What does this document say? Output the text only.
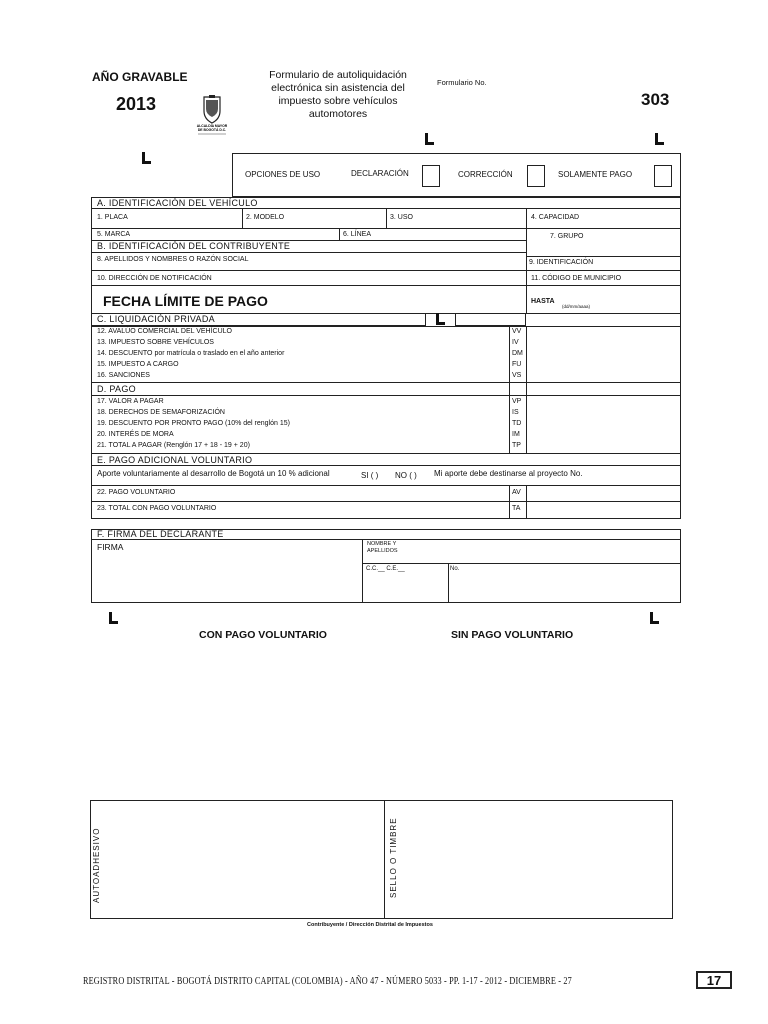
AÑO GRAVABLE
2013
ALCALDÍA MAYOR
DE BOGOTÁ D.C.
Formulario de autoliquidación
electrónica sin asistencia del
impuesto sobre vehículos
automotores
Formulario No.
303
OPCIONES DE USO	DECLARACIÓN	CORRECCIÓN	SOLAMENTE PAGO
A. IDENTIFICACIÓN DEL VEHÍCULO
1. PLACA	2. MODELO	3. USO	4. CAPACIDAD
5. MARCA	6. LÍNEA	7. GRUPO
B. IDENTIFICACIÓN DEL CONTRIBUYENTE
8. APELLIDOS Y NOMBRES O RAZÓN SOCIAL	9. IDENTIFICACIÓN
10. DIRECCIÓN DE NOTIFICACIÓN	11. CÓDIGO DE MUNICIPIO
FECHA LÍMITE DE PAGO	HASTA
(dd/mm/aaaa)
C. LIQUIDACIÓN PRIVADA
12. AVALÚO COMERCIAL DEL VEHÍCULO	VV
13. IMPUESTO SOBRE VEHÍCULOS	IV
14. DESCUENTO por matrícula o traslado en el año anterior	DM
15. IMPUESTO A CARGO	FU
16. SANCIONES	VS
D. PAGO
17. VALOR A PAGAR	VP
18. DERECHOS DE SEMAFORIZACIÓN	IS
19. DESCUENTO POR PRONTO PAGO (10% del renglón 15)	TD
20. INTERÉS DE MORA	IM
21. TOTAL A PAGAR (Renglón 17 + 18 - 19 + 20)	TP
E. PAGO ADICIONAL VOLUNTARIO
Aporte voluntariamente al desarrollo de Bogotá un 10 % adicional	SI ( ) NO ( ) Mi aporte debe destinarse al proyecto No.
22. PAGO VOLUNTARIO	AV
23. TOTAL CON PAGO VOLUNTARIO	TA
F. FIRMA DEL DECLARANTE
FIRMA	NOMBRE Y
APELLIDOS
C.C.__ C.E.__	No.
CON PAGO VOLUNTARIO	SIN PAGO VOLUNTARIO
AUTOADHESIVO	SELLO O TIMBRE
Contribuyente / Dirección Distrital de Impuestos
REGISTRO DISTRITAL - BOGOTÁ DISTRITO CAPITAL (COLOMBIA) - AÑO 47 - NÚMERO 5033 - PP. 1-17 - 2012 - DICIEMBRE - 27	17
